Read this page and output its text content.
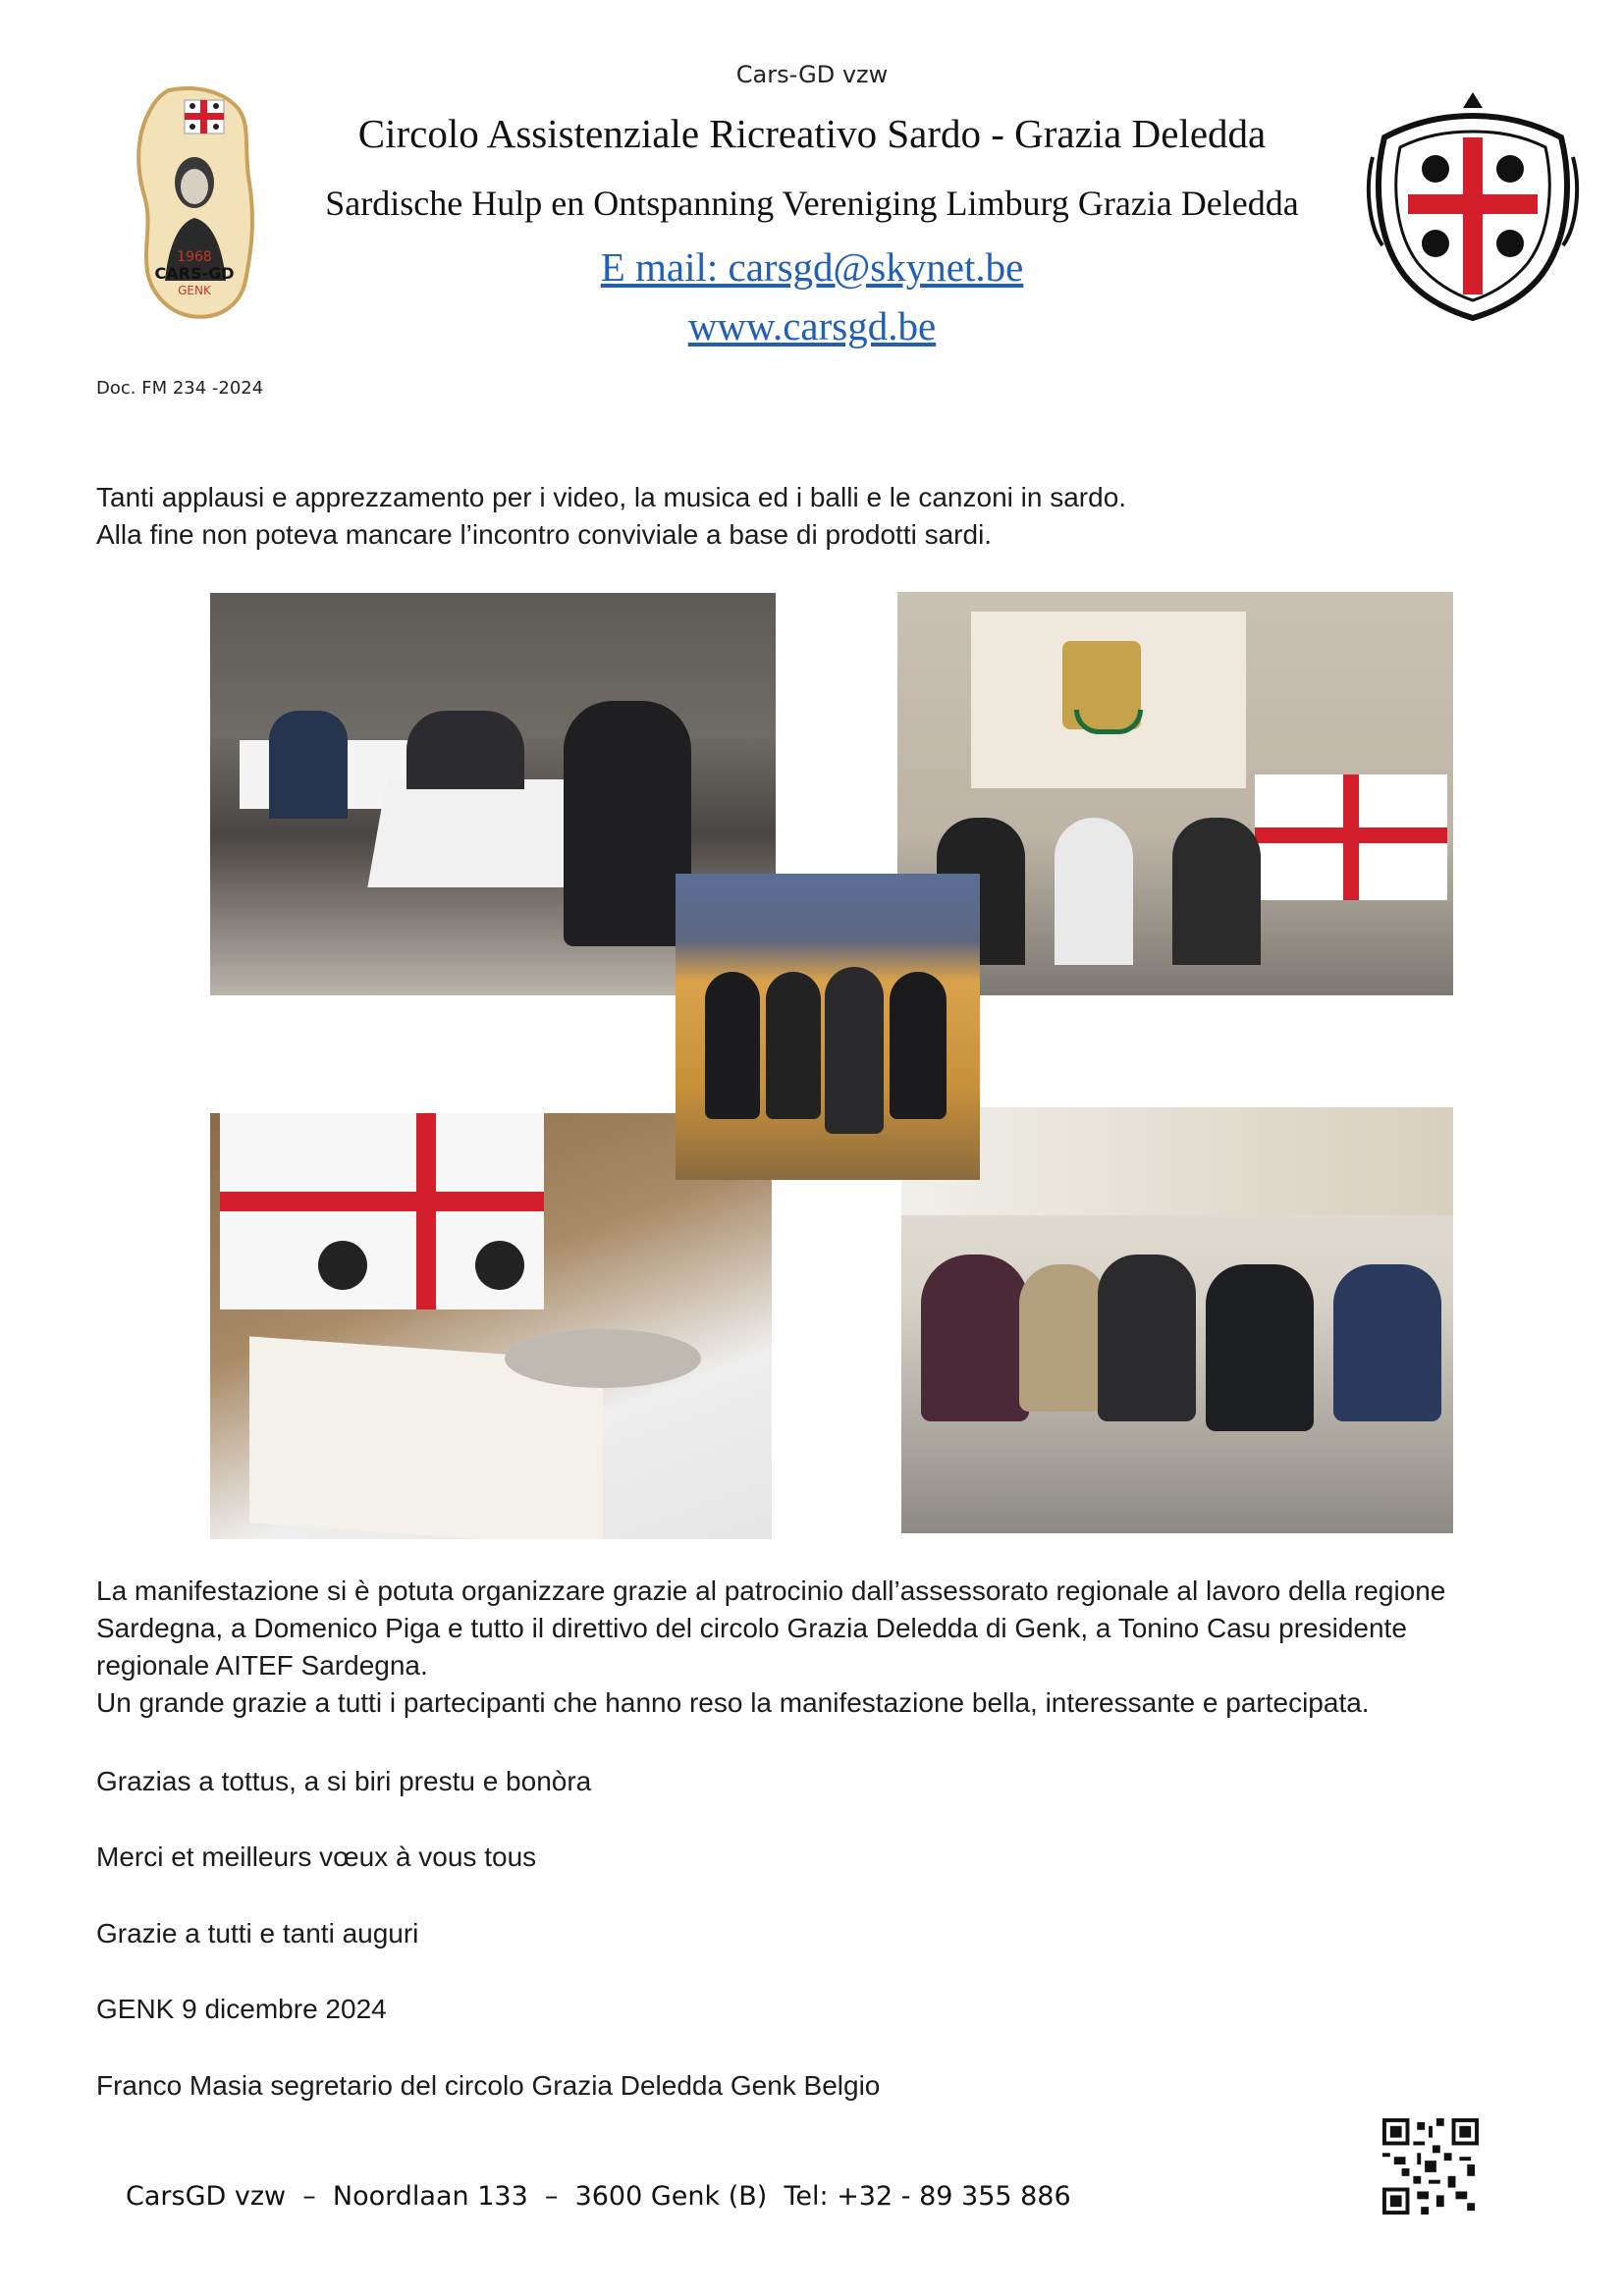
1968
CARS-GD
GENK
Cars-GD vzw
Circolo Assistenziale Ricreativo Sardo - Grazia Deledda
Sardische Hulp en Ontspanning Vereniging Limburg Grazia Deledda
E mail: carsgd@skynet.be
www.carsgd.be
Doc. FM 234 -2024
Tanti applausi e apprezzamento per i video, la musica ed i balli e le canzoni in sardo.
Alla fine non poteva mancare l’incontro conviviale a base di prodotti sardi.
La manifestazione si è potuta organizzare grazie al patrocinio dall’assessorato regionale al lavoro della regione
Sardegna, a Domenico Piga e tutto il direttivo del circolo Grazia Deledda di Genk, a Tonino Casu presidente
regionale AITEF Sardegna.
Un grande grazie a tutti i partecipanti che hanno reso la manifestazione bella, interessante e partecipata.
Grazias a tottus, a si biri prestu e bonòra
Merci et meilleurs vœux à vous tous
Grazie a tutti e tanti auguri
GENK 9 dicembre 2024
Franco Masia segretario del circolo Grazia Deledda Genk Belgio
CarsGD vzw  –  Noordlaan 133  –  3600 Genk (B)  Tel: +32 - 89 355 886
